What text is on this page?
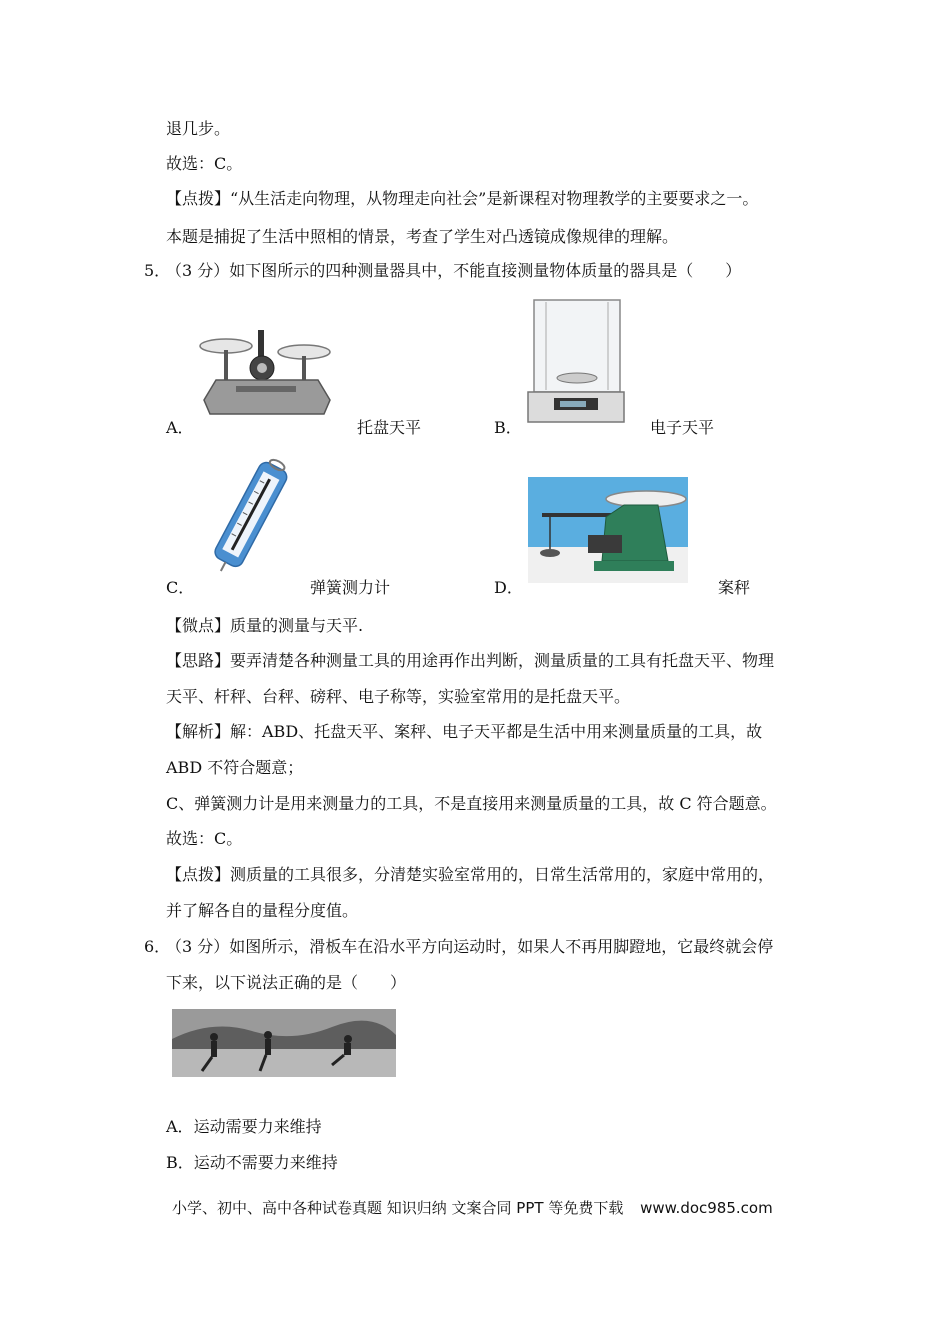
退几步。
故选：C。
【点拨】“从生活走向物理，从物理走向社会”是新课程对物理教学的主要要求之一。
本题是捕捉了生活中照相的情景，考查了学生对凸透镜成像规律的理解。
5．
（3 分）如下图所示的四种测量器具中，不能直接测量物体质量的器具是（　　）
A．	托盘天平	B．	电子天平
C．	弹簧测力计	D．	案秤
【微点】质量的测量与天平.
【思路】要弄清楚各种测量工具的用途再作出判断，测量质量的工具有托盘天平、物理
天平、杆秤、台秤、磅秤、电子称等，实验室常用的是托盘天平。
【解析】解：ABD、托盘天平、案秤、电子天平都是生活中用来测量质量的工具，故
ABD 不符合题意；
C、弹簧测力计是用来测量力的工具，不是直接用来测量质量的工具，故 C 符合题意。
故选：C。
【点拨】测质量的工具很多，分清楚实验室常用的，日常生活常用的，家庭中常用的，
并了解各自的量程分度值。
6．
（3 分）如图所示，滑板车在沿水平方向运动时，如果人不再用脚蹬地，它最终就会停
下来，以下说法正确的是（　　）
A．运动需要力来维持
B．运动不需要力来维持
小学、初中、高中各种试卷真题 知识归纳 文案合同 PPT 等免费下载 www.doc985.com
